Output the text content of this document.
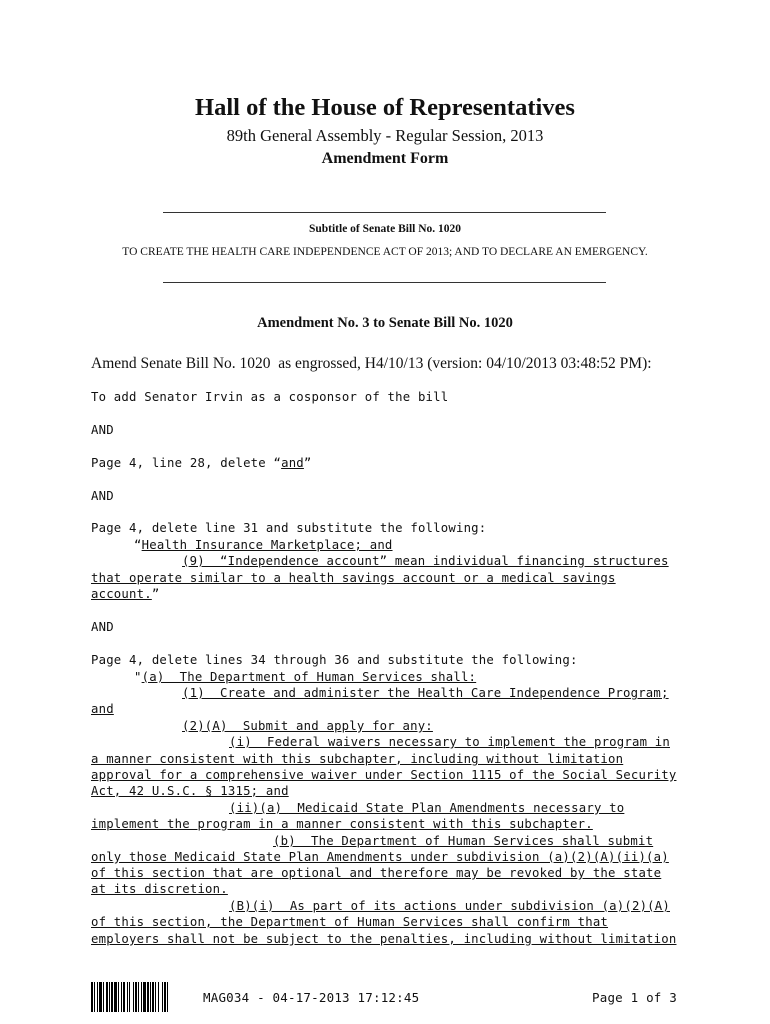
Hall of the House of Representatives
89th General Assembly - Regular Session, 2013
Amendment Form
Subtitle of Senate Bill No. 1020
TO CREATE THE HEALTH CARE INDEPENDENCE ACT OF 2013; AND TO DECLARE AN EMERGENCY.
Amendment No. 3 to Senate Bill No. 1020
Amend Senate Bill No. 1020  as engrossed, H4/10/13 (version: 04/10/2013 03:48:52 PM):
To add Senator Irvin as a cosponsor of the bill
AND
Page 4, line 28, delete “and”
AND
Page 4, delete line 31 and substitute the following:
“Health Insurance Marketplace; and
(9)  “Independence account” mean individual financing structures
that operate similar to a health savings account or a medical savings
account.”
AND
Page 4, delete lines 34 through 36 and substitute the following:
"(a)  The Department of Human Services shall:
(1)  Create and administer the Health Care Independence Program;
and
(2)(A)  Submit and apply for any:
(i)  Federal waivers necessary to implement the program in
a manner consistent with this subchapter, including without limitation
approval for a comprehensive waiver under Section 1115 of the Social Security
Act, 42 U.S.C. § 1315; and
(ii)(a)  Medicaid State Plan Amendments necessary to
implement the program in a manner consistent with this subchapter.
(b)  The Department of Human Services shall submit
only those Medicaid State Plan Amendments under subdivision (a)(2)(A)(ii)(a)
of this section that are optional and therefore may be revoked by the state
at its discretion.
(B)(i)  As part of its actions under subdivision (a)(2)(A)
of this section, the Department of Human Services shall confirm that
employers shall not be subject to the penalties, including without limitation
MAG034 - 04-17-2013 17:12:45	Page 1 of 3
